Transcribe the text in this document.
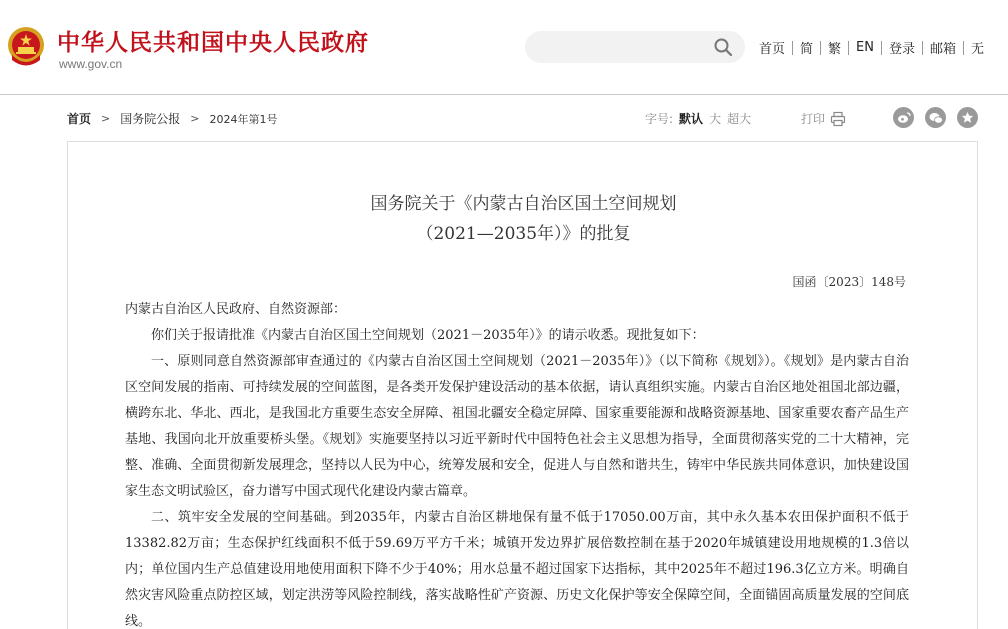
中华人民共和国中央人民政府
www.gov.cn
首页	简	繁	EN	登录	邮箱	无
首页 > 国务院公报 > 2024年第1号	字号: 默认 大 超大	打印
国务院关于《内蒙古自治区国土空间规划
（2021—2035年）》的批复
国函〔2023〕148号

内蒙古自治区人民政府、自然资源部：

你们关于报请批准《内蒙古自治区国土空间规划（2021－2035年）》的请示收悉。现批复如下：

一、原则同意自然资源部审查通过的《内蒙古自治区国土空间规划（2021－2035年）》（以下简称《规划》）。《规划》是内蒙古自治区空间发展的指南、可持续发展的空间蓝图，是各类开发保护建设活动的基本依据，请认真组织实施。内蒙古自治区地处祖国北部边疆，横跨东北、华北、西北，是我国北方重要生态安全屏障、祖国北疆安全稳定屏障、国家重要能源和战略资源基地、国家重要农畜产品生产基地、我国向北开放重要桥头堡。《规划》实施要坚持以习近平新时代中国特色社会主义思想为指导，全面贯彻落实党的二十大精神，完整、准确、全面贯彻新发展理念，坚持以人民为中心，统筹发展和安全，促进人与自然和谐共生，铸牢中华民族共同体意识，加快建设国家生态文明试验区，奋力谱写中国式现代化建设内蒙古篇章。

二、筑牢安全发展的空间基础。到2035年，内蒙古自治区耕地保有量不低于17050.00万亩，其中永久基本农田保护面积不低于13382.82万亩；生态保护红线面积不低于59.69万平方千米；城镇开发边界扩展倍数控制在基于2020年城镇建设用地规模的1.3倍以内；单位国内生产总值建设用地使用面积下降不少于40%；用水总量不超过国家下达指标，其中2025年不超过196.3亿立方米。明确自然灾害风险重点防控区域，划定洪涝等风险控制线，落实战略性矿产资源、历史文化保护等安全保障空间，全面锚固高质量发展的空间底线。
